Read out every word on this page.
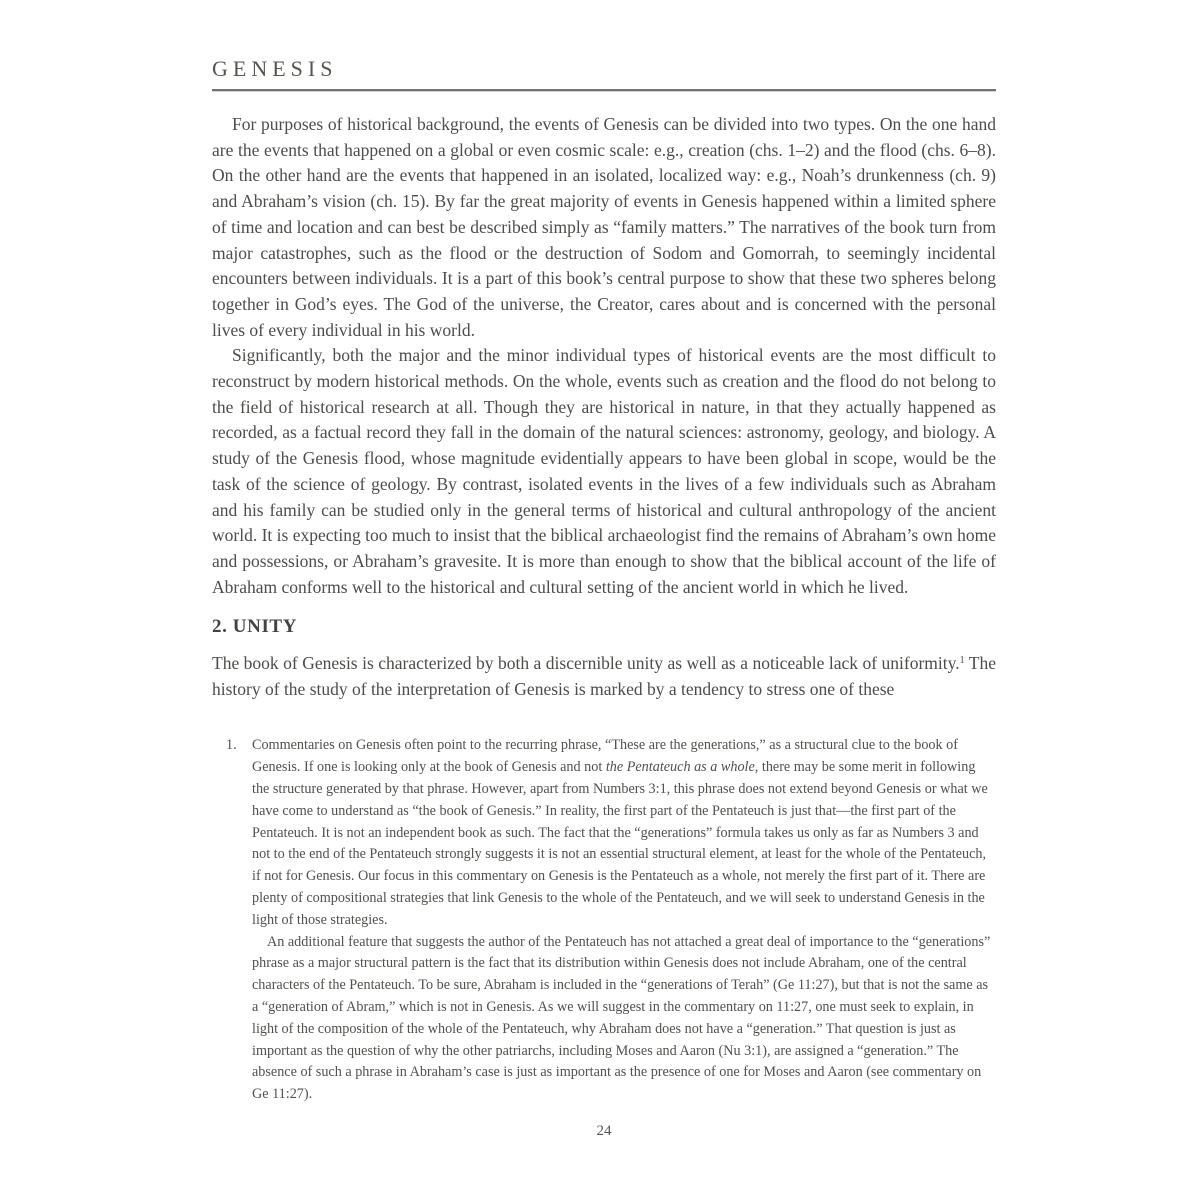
GENESIS

For purposes of historical background, the events of Genesis can be divided into two types. On the one hand are the events that happened on a global or even cosmic scale: e.g., creation (chs. 1–2) and the flood (chs. 6–8). On the other hand are the events that happened in an isolated, localized way: e.g., Noah’s drunkenness (ch. 9) and Abraham’s vision (ch. 15). By far the great majority of events in Genesis happened within a limited sphere of time and location and can best be described simply as “family matters.” The narratives of the book turn from major catastrophes, such as the flood or the destruction of Sodom and Gomorrah, to seemingly incidental encounters between individuals. It is a part of this book’s central purpose to show that these two spheres belong together in God’s eyes. The God of the universe, the Creator, cares about and is concerned with the personal lives of every individual in his world.

Significantly, both the major and the minor individual types of historical events are the most difficult to reconstruct by modern historical methods. On the whole, events such as creation and the flood do not belong to the field of historical research at all. Though they are historical in nature, in that they actually happened as recorded, as a factual record they fall in the domain of the natural sciences: astronomy, geology, and biology. A study of the Genesis flood, whose magnitude evidentially appears to have been global in scope, would be the task of the science of geology. By contrast, isolated events in the lives of a few individuals such as Abraham and his family can be studied only in the general terms of historical and cultural anthropology of the ancient world. It is expecting too much to insist that the biblical archaeologist find the remains of Abraham’s own home and possessions, or Abraham’s gravesite. It is more than enough to show that the biblical account of the life of Abraham conforms well to the historical and cultural setting of the ancient world in which he lived.

2. UNITY

The book of Genesis is characterized by both a discernible unity as well as a noticeable lack of uniformity.$^1$ The history of the study of the interpretation of Genesis is marked by a tendency to stress one of these

1. Commentaries on Genesis often point to the recurring phrase, “These are the generations,” as a structural clue to the book of Genesis. If one is looking only at the book of Genesis and not the Pentateuch as a whole, there may be some merit in following the structure generated by that phrase. However, apart from Numbers 3:1, this phrase does not extend beyond Genesis or what we have come to understand as “the book of Genesis.” In reality, the first part of the Pentateuch is just that—the first part of the Pentateuch. It is not an independent book as such. The fact that the “generations” formula takes us only as far as Numbers 3 and not to the end of the Pentateuch strongly suggests it is not an essential structural element, at least for the whole of the Pentateuch, if not for Genesis. Our focus in this commentary on Genesis is the Pentateuch as a whole, not merely the first part of it. There are plenty of compositional strategies that link Genesis to the whole of the Pentateuch, and we will seek to understand Genesis in the light of those strategies.

An additional feature that suggests the author of the Pentateuch has not attached a great deal of importance to the “generations” phrase as a major structural pattern is the fact that its distribution within Genesis does not include Abraham, one of the central characters of the Pentateuch. To be sure, Abraham is included in the “generations of Terah” (Ge 11:27), but that is not the same as a “generation of Abram,” which is not in Genesis. As we will suggest in the commentary on 11:27, one must seek to explain, in light of the composition of the whole of the Pentateuch, why Abraham does not have a “generation.” That question is just as important as the question of why the other patriarchs, including Moses and Aaron (Nu 3:1), are assigned a “generation.” The absence of such a phrase in Abraham’s case is just as important as the presence of one for Moses and Aaron (see commentary on Ge 11:27).

24
